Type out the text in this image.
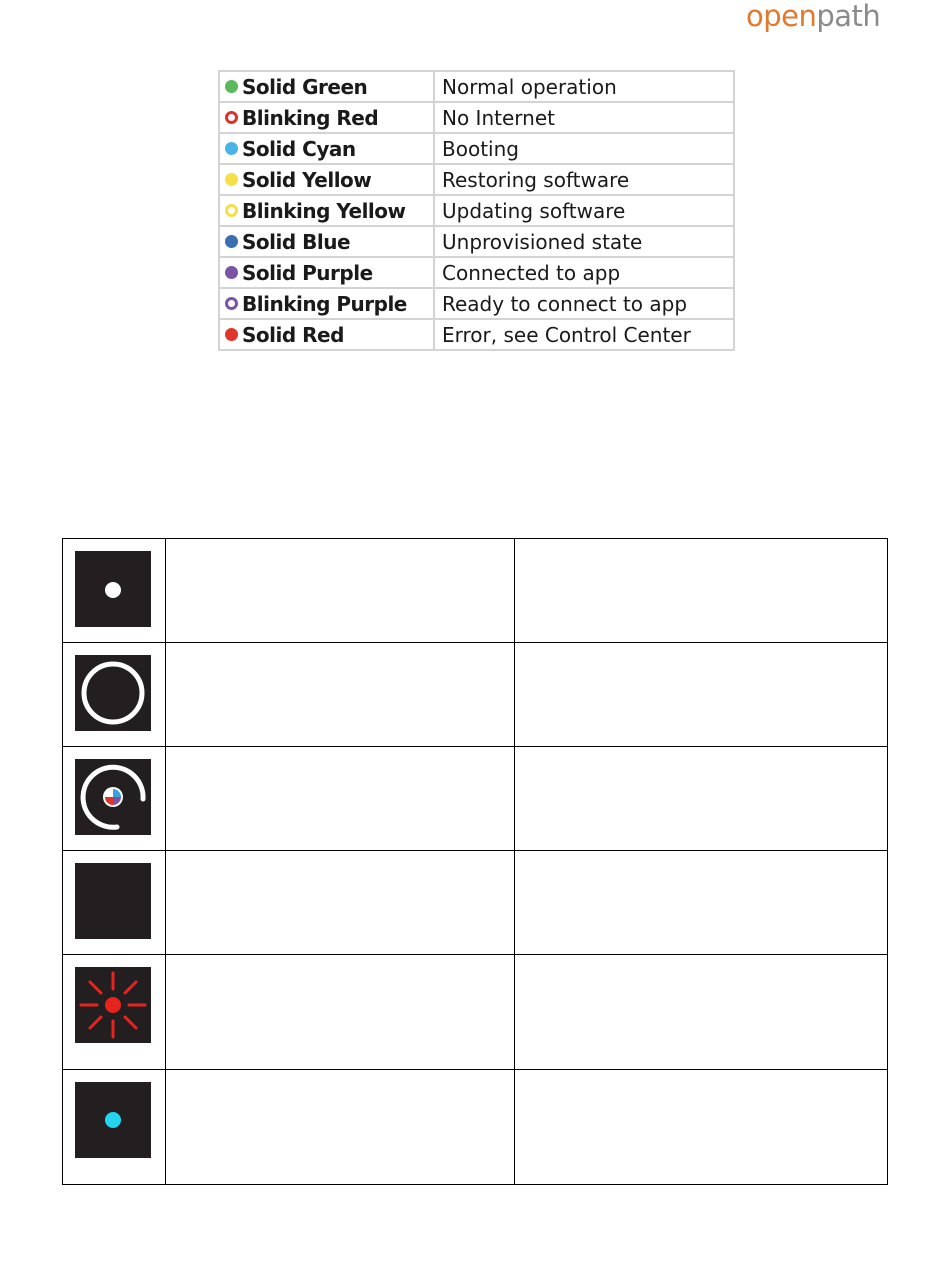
openpath
Solid Green	Normal operation
Blinking Red	No Internet
Solid Cyan	Booting
Solid Yellow	Restoring software
Blinking Yellow	Updating software
Solid Blue	Unprovisioned state
Solid Purple	Connected to app
Blinking Purple	Ready to connect to app
Solid Red	Error, see Control Center
